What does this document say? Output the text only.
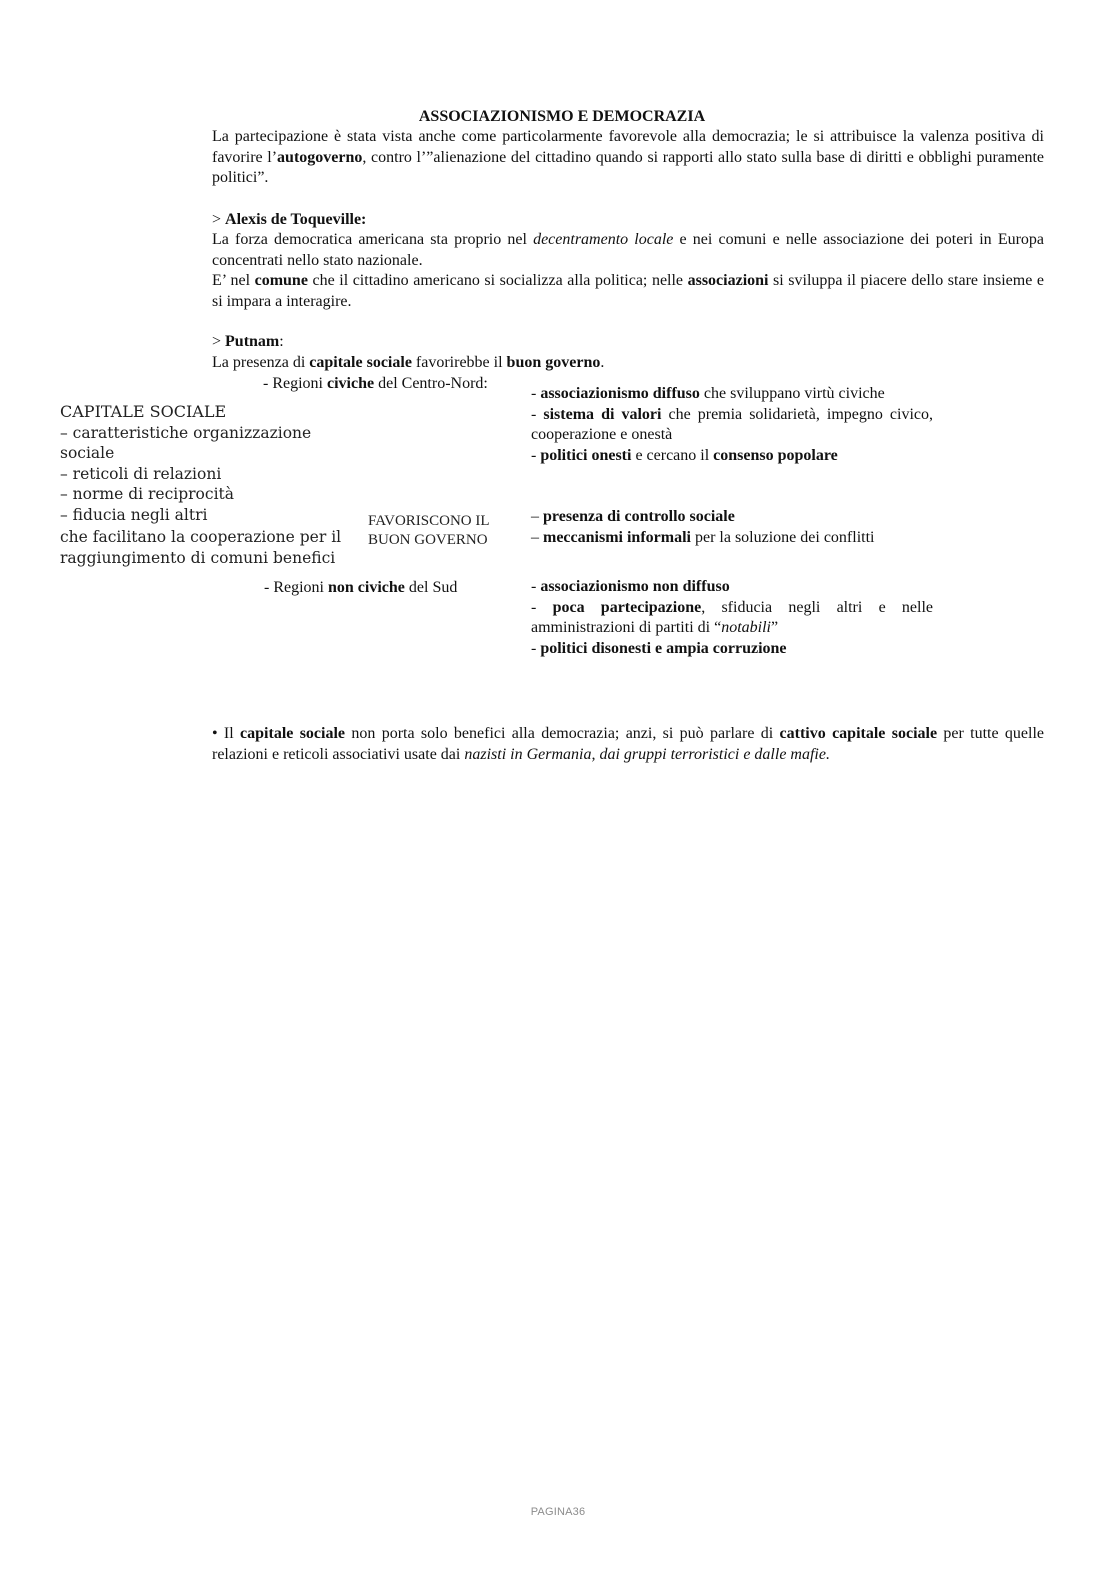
ASSOCIAZIONISMO E DEMOCRAZIA

La partecipazione è stata vista anche come particolarmente favorevole alla democrazia; le si attribuisce la valenza positiva di favorire l’autogoverno, contro l’”alienazione del cittadino quando si rapporti allo stato sulla base di diritti e obblighi puramente politici”.

> Alexis de Toqueville:

La forza democratica americana sta proprio nel decentramento locale e nei comuni e nelle associazione dei poteri in Europa concentrati nello stato nazionale.

E’ nel comune che il cittadino americano si socializza alla politica; nelle associazioni si sviluppa il piacere dello stare insieme e si impara a interagire.

> Putnam:

La presenza di capitale sociale favorirebbe il buon governo.

- Regioni civiche del Centro-Nord:

CAPITALE SOCIALE

– caratteristiche organizzazione sociale

– reticoli di relazioni

– norme di reciprocità

– fiducia negli altri

che facilitano la cooperazione per il raggiungimento di comuni benefici

FAVORISCONO IL BUON GOVERNO

- associazionismo diffuso che sviluppano virtù civiche

- sistema di valori che premia solidarietà, impegno civico, cooperazione e onestà

- politici onesti e cercano il consenso popolare

– presenza di controllo sociale

– meccanismi informali per la soluzione dei conflitti

- Regioni non civiche del Sud	- associazionismo non diffuso

- poca partecipazione, sfiducia negli altri e nelle amministrazioni di partiti di “notabili”

- politici disonesti e ampia corruzione

• Il capitale sociale non porta solo benefici alla democrazia; anzi, si può parlare di cattivo capitale sociale per tutte quelle relazioni e reticoli associativi usate dai nazisti in Germania, dai gruppi terroristici e dalle mafie.

PAGINA36
